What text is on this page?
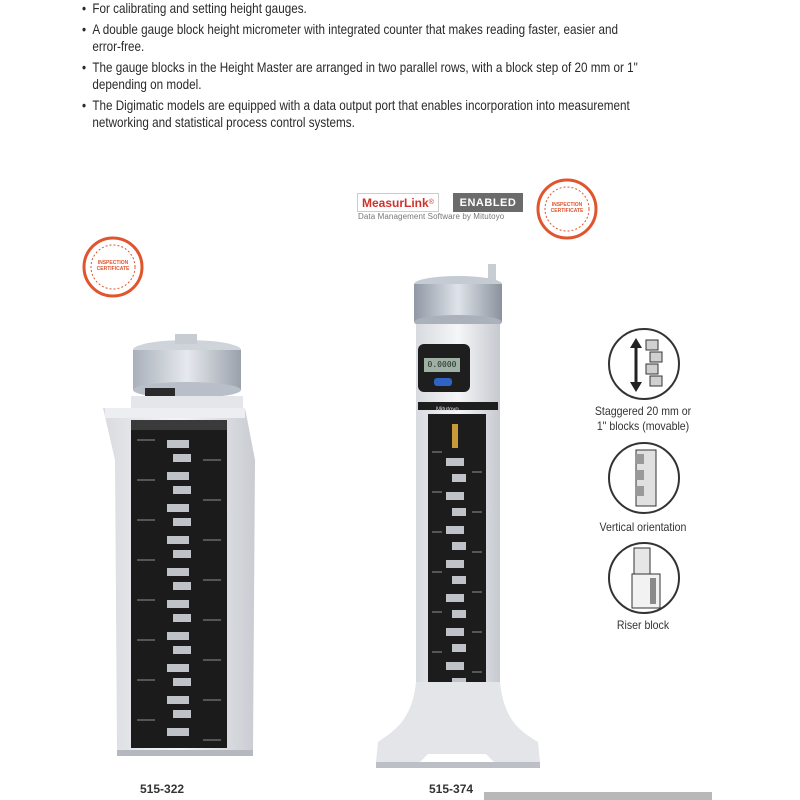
• For calibrating and setting height gauges.
• A double gauge block height micrometer with integrated counter that makes reading faster, easier and error-free.
• The gauge blocks in the Height Master are arranged in two parallel rows, with a block step of 20 mm or 1" depending on model.
• The Digimatic models are equipped with a data output port that enables incorporation into measurement networking and statistical process control systems.
MeasurLink ®	ENABLED
Data Management Software by Mitutoyo
INSPECTION
CERTIFICATE
INSPECTION
CERTIFICATE
515-322
0.0000
Mitutoyo
515-374
Staggered 20 mm or 1" blocks (movable)
Vertical orientation
Riser block
